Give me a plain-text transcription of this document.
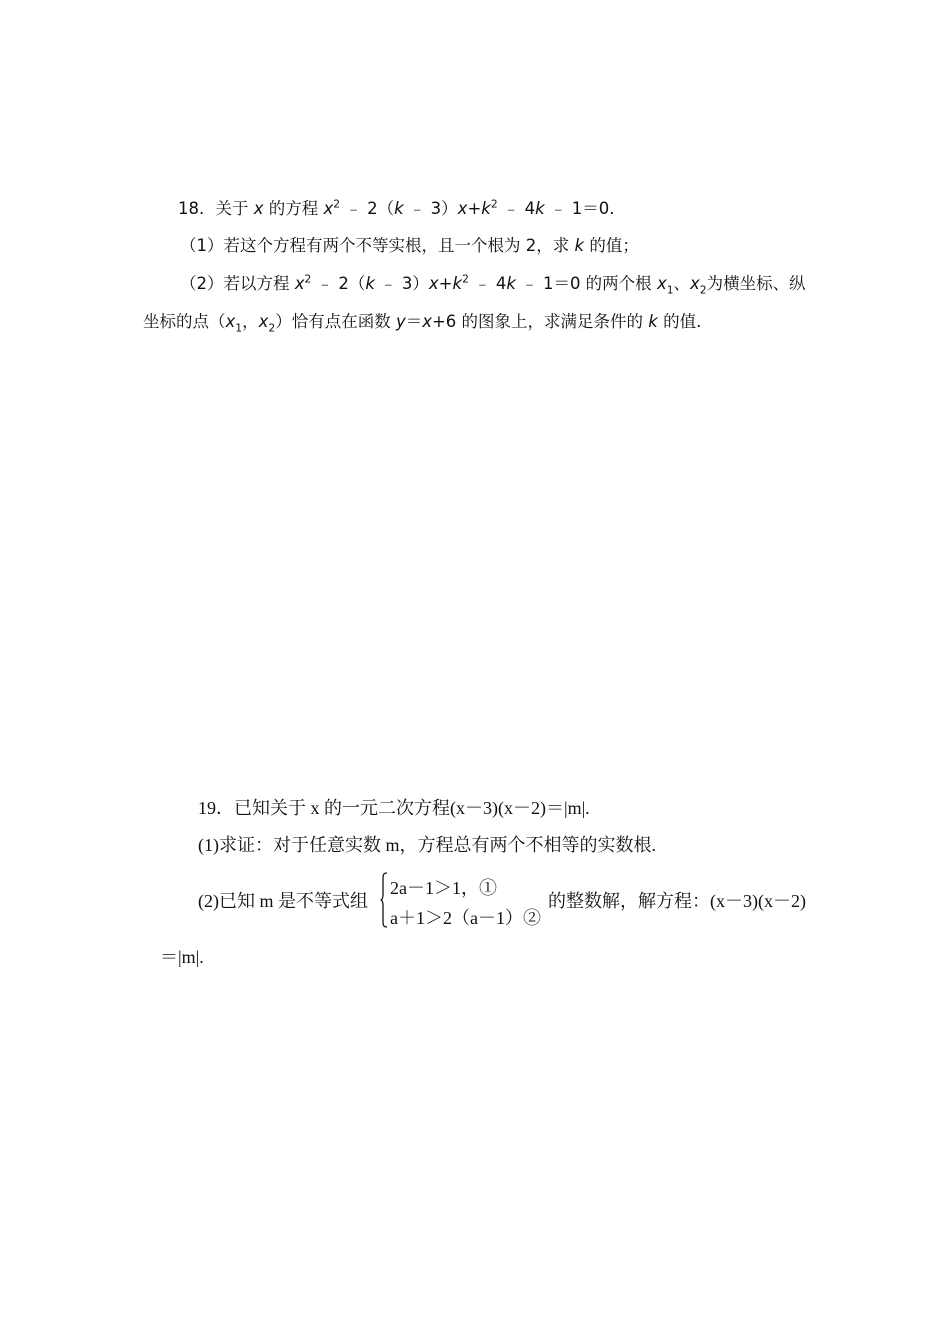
18. 关于 x 的方程 $x^2$ ﹣ 2（k ﹣ $3)x+k^2$ ﹣ 4k ﹣ 1＝0.
（1）若这个方程有两个不等实根，且一个根为 2，求 k 的值；
（2）若以方程 $x^2$ ﹣ 2（k ﹣ $3)x+k^2$ ﹣ 4k ﹣ 1＝0 的两个根 $x_1$、$x_2$为横坐标、纵
坐标的点（$x_1$，$x_2$）恰有点在函数 y＝x+6 的图象上，求满足条件的 k 的值.
19．已知关于 x 的一元二次方程(x－3)(x－2)＝|m|.
(1)求证：对于任意实数 m，方程总有两个不相等的实数根.
(2)已知 m 是不等式组
2a－1＞1，①
a＋1＞2（a－1）②
的整数解，解方程：(x－3)(x－2)
＝|m|.
